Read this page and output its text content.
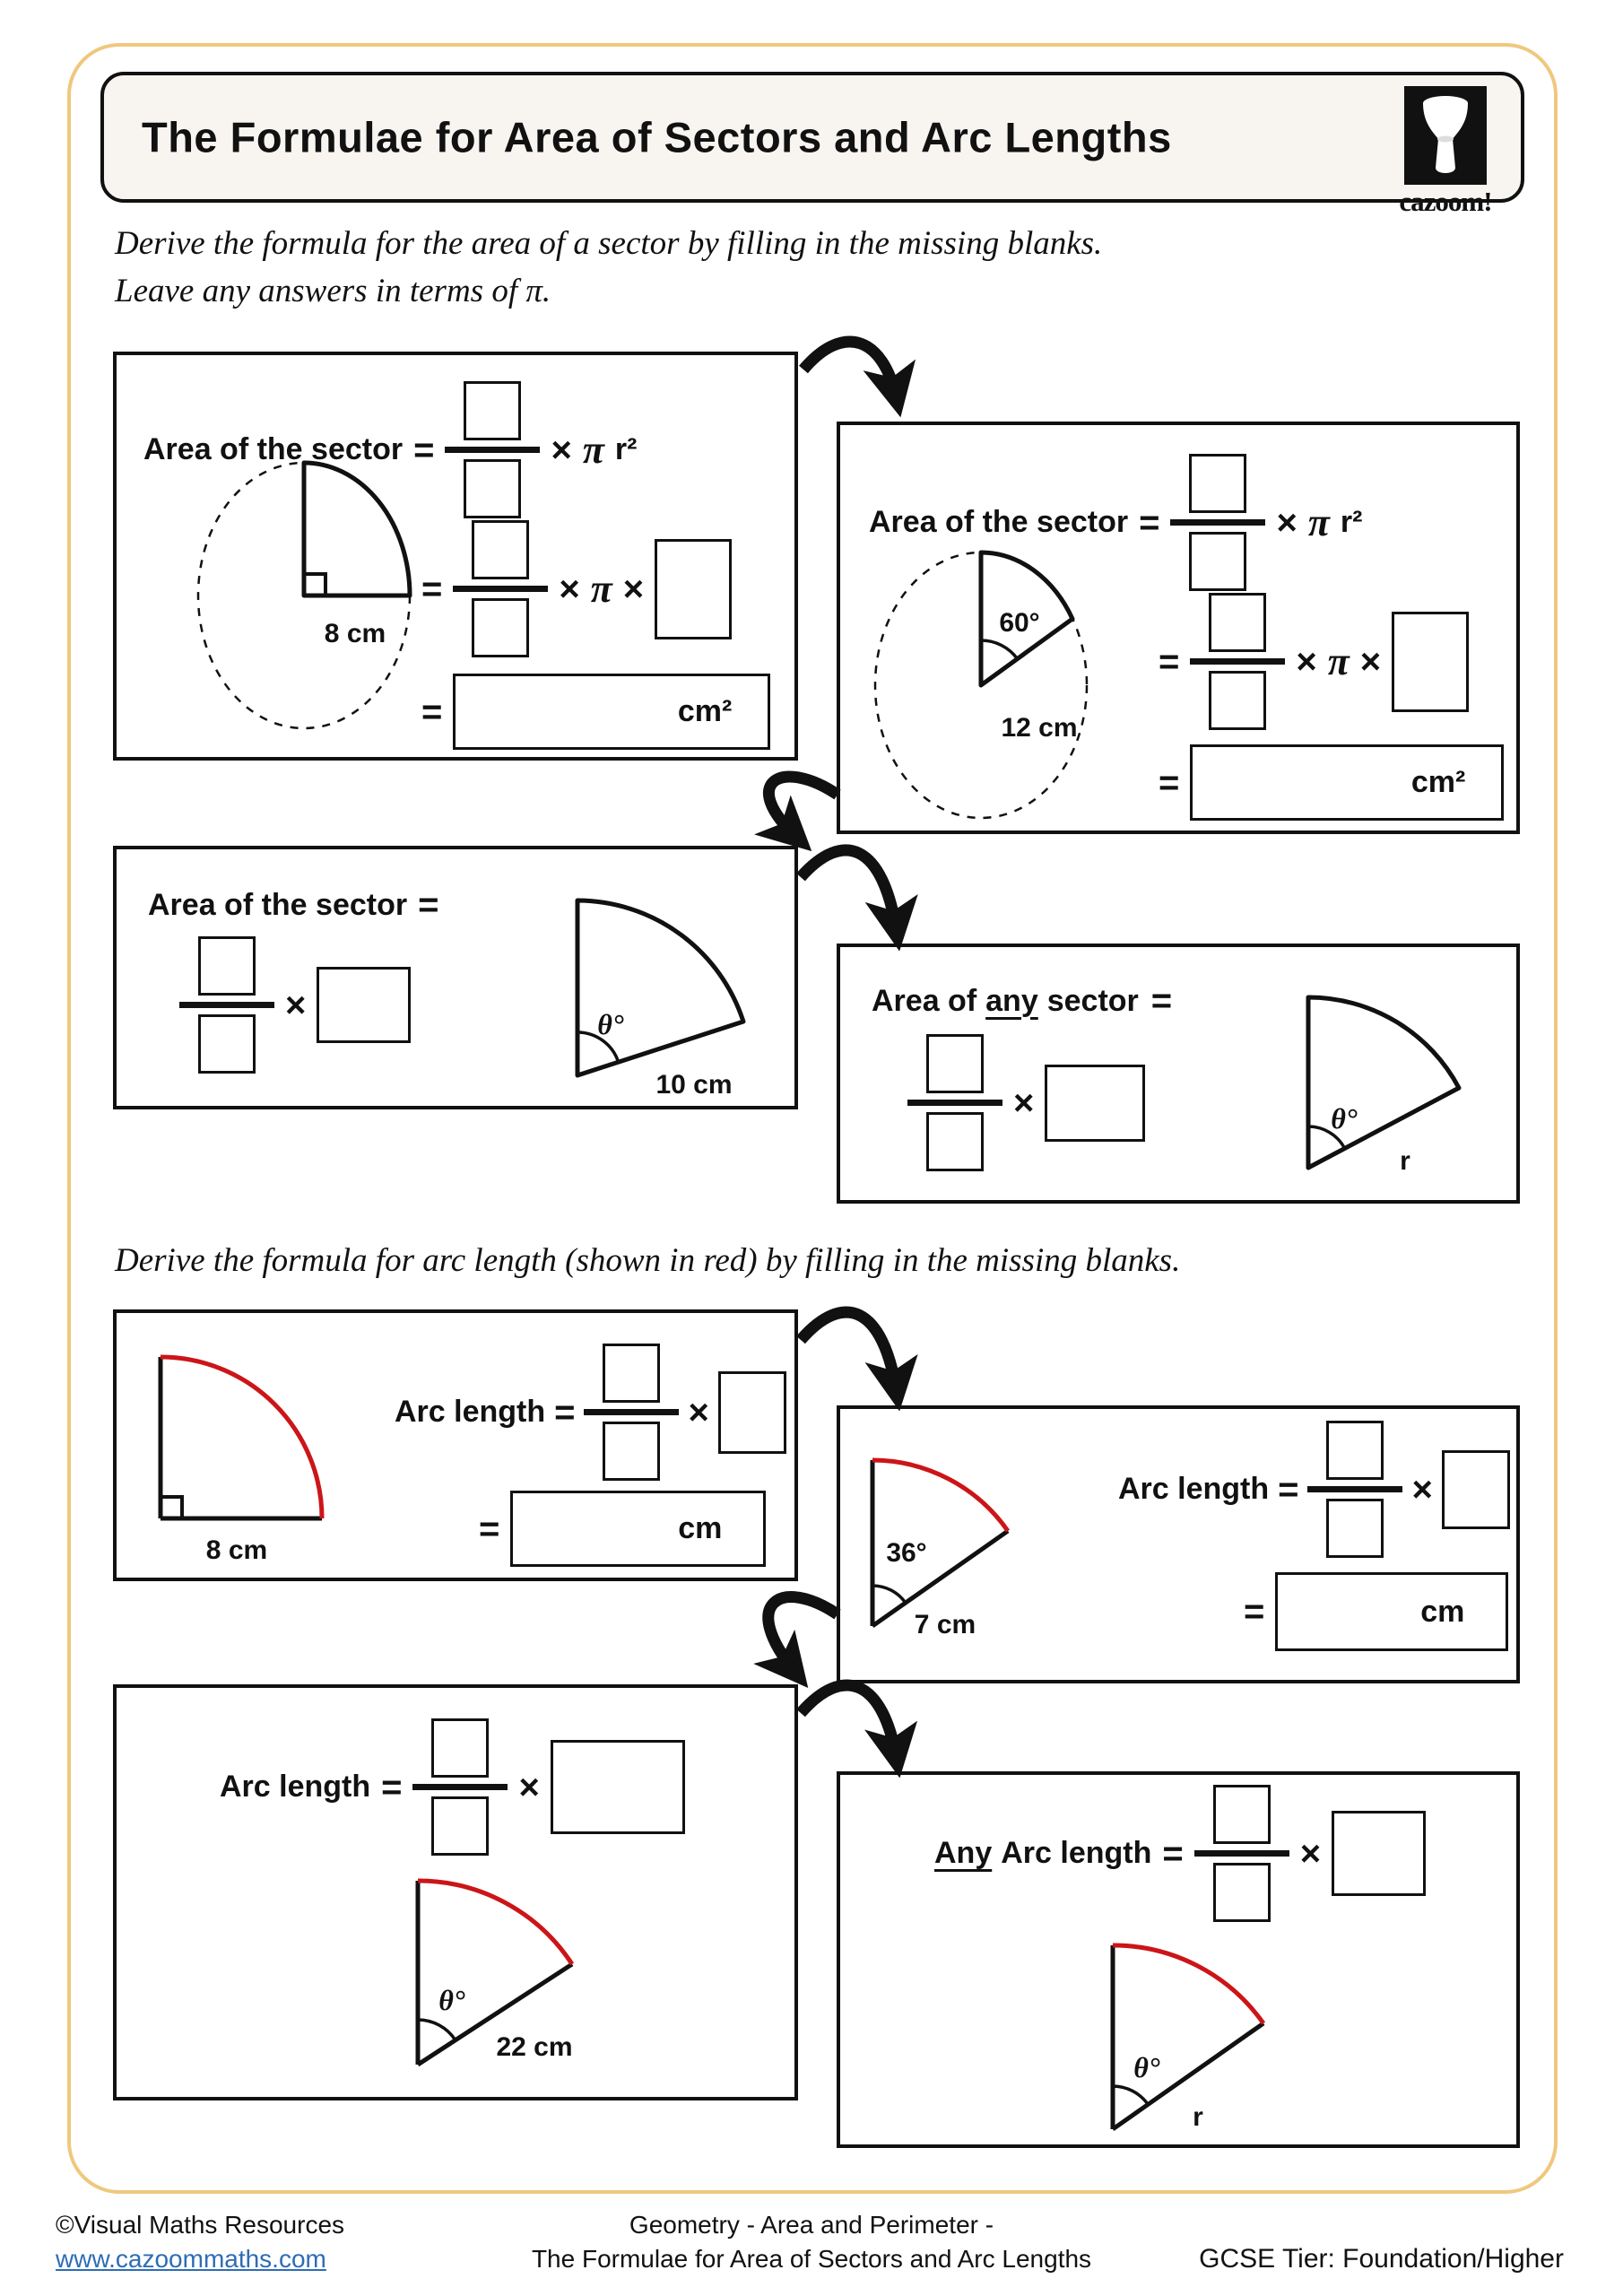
The Formulae for Area of Sectors and Arc Lengths
cazoom!
Derive the formula for the area of a sector by filling in the missing blanks.
Leave any answers in terms of π.
Area of the sector =	× π r²
=	× π ×
=	cm²
8 cm
Area of the sector =	× π r²
=	× π ×
=	cm²
60°
12 cm
Area of the sector =
×	θ°
10 cm
Area of any sector =
×	θ°
r
Derive the formula for arc length (shown in red) by filling in the missing blanks.
Arc length =	×
=	cm
8 cm
Arc length =	×
=	cm
36°
7 cm
Arc length =	×
θ°
22 cm
Any Arc length =	×
θ°
r
©Visual Maths Resources
www.cazoommaths.com
Geometry - Area and Perimeter -
The Formulae for Area of Sectors and Arc Lengths	GCSE Tier: Foundation/Higher
